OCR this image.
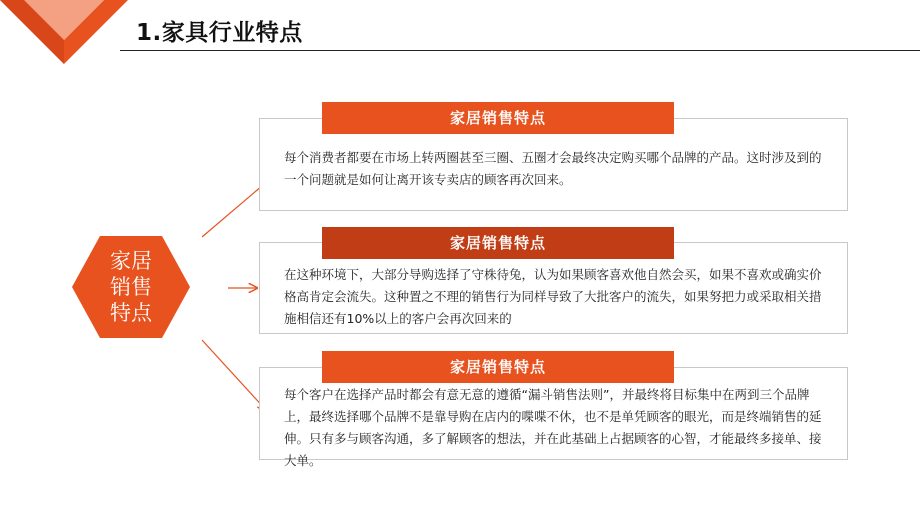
1.家具行业特点
家居
销售
特点

每个消费者都要在市场上转两圈甚至三圈、五圈才会最终决定购买哪个品牌的产品。这时涉及到的一个问题就是如何让离开该专卖店的顾客再次回来。

家居销售特点

在这种环境下，大部分导购选择了守株待兔，认为如果顾客喜欢他自然会买，如果不喜欢或确实价格高肯定会流失。这种置之不理的销售行为同样导致了大批客户的流失，如果努把力或采取相关措施相信还有10%以上的客户会再次回来的

家居销售特点

每个客户在选择产品时都会有意无意的遵循“漏斗销售法则”，并最终将目标集中在两到三个品牌上，最终选择哪个品牌不是靠导购在店内的喋喋不休，也不是单凭顾客的眼光，而是终端销售的延伸。只有多与顾客沟通，多了解顾客的想法，并在此基础上占据顾客的心智，才能最终多接单、接大单。

家居销售特点
